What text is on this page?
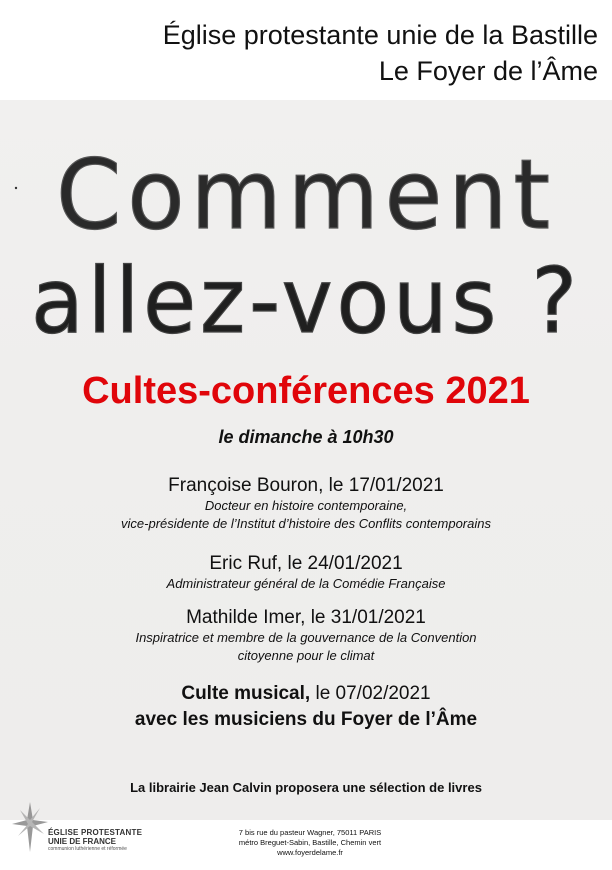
Église protestante unie de la Bastille
Le Foyer de l’Âme
Comment
allez-vous ?
Cultes-conférences 2021
le dimanche à 10h30
Françoise Bouron, le 17/01/2021
Docteur en histoire contemporaine,
vice-présidente de l’Institut d’histoire des Conflits contemporains
Eric Ruf, le 24/01/2021
Administrateur général de la Comédie Française
Mathilde Imer, le 31/01/2021
Inspiratrice et membre de la gouvernance de la Convention
citoyenne pour le climat
Culte musical, le 07/02/2021
avec les musiciens du Foyer de l’Âme
La librairie Jean Calvin proposera une sélection de livres
ÉGLISE PROTESTANTE
UNIE DE FRANCE
communion luthérienne et réformée
7 bis rue du pasteur Wagner, 75011 PARIS
métro Breguet-Sabin, Bastille, Chemin vert
www.foyerdelame.fr
